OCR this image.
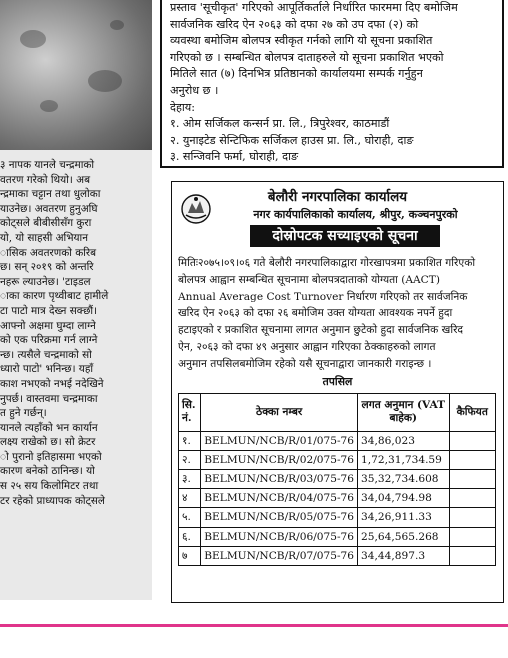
३ नापक यानले चन्द्रमाको
वतरण गरेको थियो। अब
न्द्रमाका चट्टान तथा धुलोका
याउनेछ। अवतरण हुनुअघि
कोट्सले बीबीसीसँग कुरा
यो, यो साहसी अभियान
ासिक अवतरणको करिब
छ। सन् २०१९ को अन्तरि
नहरू ल्याउनेछ। 'टाइडल
ाका कारण पृथ्वीबाट हामीले
टा पाटो मात्र देख्न सक्छौं।
आफ्नो अक्षमा घुम्दा लाग्ने
को एक परिक्रमा गर्न लाग्ने
न्छ। त्यसैले चन्द्रमाको सो
ध्यारो पाटो' भनिन्छ। यहाँ
काश नभएको नभई नदेखिने
नुपर्छ। वास्तवमा चन्द्रमाका
त हुने गर्छन्।
यानले त्यहाँको भन कार्यान
लक्ष्य राखेको छ। सो क्रेटर
ो पुरानो इतिहासमा भएको
कारण बनेको ठानिन्छ। यो
स २५ सय किलोमिटर तथा
टर रहेको प्राध्यापक कोट्सले
प्रस्ताव 'सूचीकृत' गरिएको आपूर्तिकर्ताले निर्धारित फारममा दिए बमोजिम
सार्वजनिक खरिद ऐन २०६३ को दफा २७ को उप दफा (२) को
व्यवस्था बमोजिम बोलपत्र स्वीकृत गर्नको लागि यो सूचना प्रकाशित
गरिएको छ । सम्बन्धित बोलपत्र दाताहरुले यो सूचना प्रकाशित भएको
मितिले सात (७) दिनभित्र प्रतिष्ठानको कार्यालयमा सम्पर्क गर्नुहुन
अनुरोध छ ।
देहाय:
१. ओम सर्जिकल कन्सर्न प्रा. लि., त्रिपुरेश्वर, काठमाडौं
२. युनाइटेड सेन्टिफिक सर्जिकल हाउस प्रा. लि., घोराही, दाङ
३. सन्जिवनि फर्मा, घोराही, दाङ
बेलौरी नगरपालिका कार्यालय
नगर कार्यपालिकाको कार्यालय, श्रीपुर, कञ्चनपुरको
दोस्रोपटक सच्याइएको सूचना
मितिः२०७५।०९।०६ गते बेलौरी नगरपालिकाद्वारा गोरखापत्रमा प्रकाशित गरिएको
बोलपत्र आह्वान सम्बन्धित सूचनामा बोलपत्रदाताको योग्यता (AACT)
Annual Average Cost Turnover निर्धारण गरिएको तर सार्वजनिक
खरिद ऐन २०६३ को दफा २६ बमोजिम उक्त योग्यता आवश्यक नपर्ने हुदा
हटाइएको र प्रकाशित सूचनामा लागत अनुमान छुटेको हुदा सार्वजनिक खरिद
ऐन, २०६३ को दफा ४९ अनुसार आह्वान गरिएका ठेक्काहरुको लागत
अनुमान तपसिलबमोजिम रहेको यसै सूचनाद्वारा जानकारी गराइन्छ ।
तपसिल
सि. नं.	ठेक्का नम्बर	लगत अनुमान (VAT बाहेक)	कैफियत
१.	BELMUN/NCB/R/01/075-76	34,86,023	
२.	BELMUN/NCB/R/02/075-76	1,72,31,734.59	
३.	BELMUN/NCB/R/03/075-76	35,32,734.608	
४	BELMUN/NCB/R/04/075-76	34,04,794.98	
५.	BELMUN/NCB/R/05/075-76	34,26,911.33	
६.	BELMUN/NCB/R/06/075-76	25,64,565.268	
७	BELMUN/NCB/R/07/075-76	34,44,897.3	
